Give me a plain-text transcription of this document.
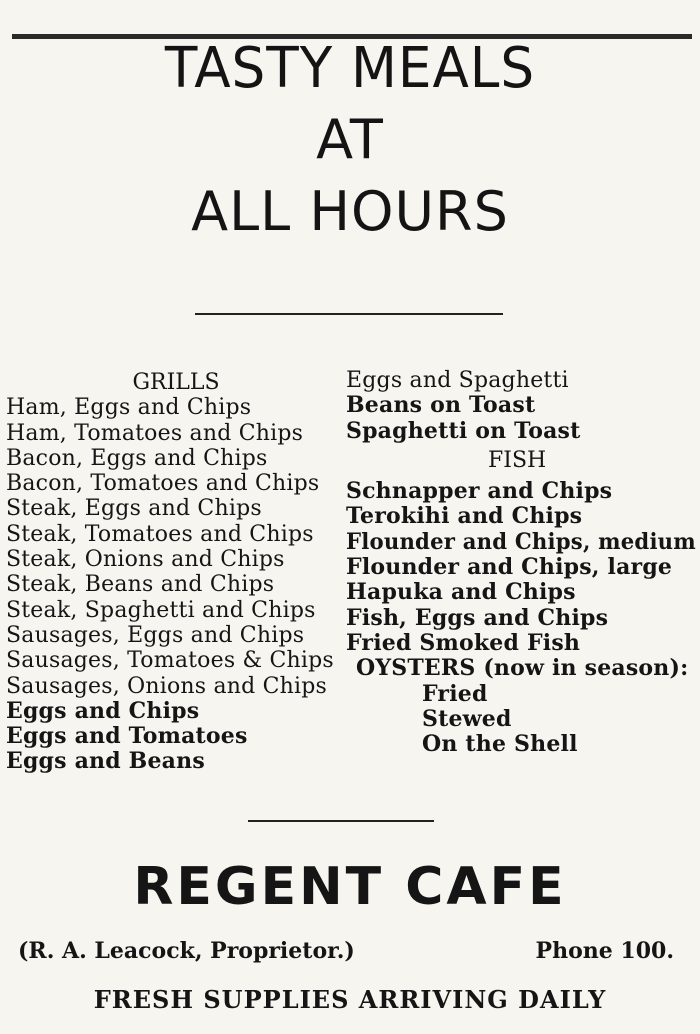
TASTY MEALS
AT
ALL HOURS
GRILLS
Ham, Eggs and Chips
Ham, Tomatoes and Chips
Bacon, Eggs and Chips
Bacon, Tomatoes and Chips
Steak, Eggs and Chips
Steak, Tomatoes and Chips
Steak, Onions and Chips
Steak, Beans and Chips
Steak, Spaghetti and Chips
Sausages, Eggs and Chips
Sausages, Tomatoes & Chips
Sausages, Onions and Chips
Eggs and Chips
Eggs and Tomatoes
Eggs and Beans
Eggs and Spaghetti
Beans on Toast
Spaghetti on Toast
FISH
Schnapper and Chips
Terokihi and Chips
Flounder and Chips, medium
Flounder and Chips, large
Hapuka and Chips
Fish, Eggs and Chips
Fried Smoked Fish
OYSTERS (now in season):
Fried
Stewed
On the Shell
REGENT CAFE
(R. A. Leacock, Proprietor.)	Phone 100.
FRESH SUPPLIES ARRIVING DAILY
